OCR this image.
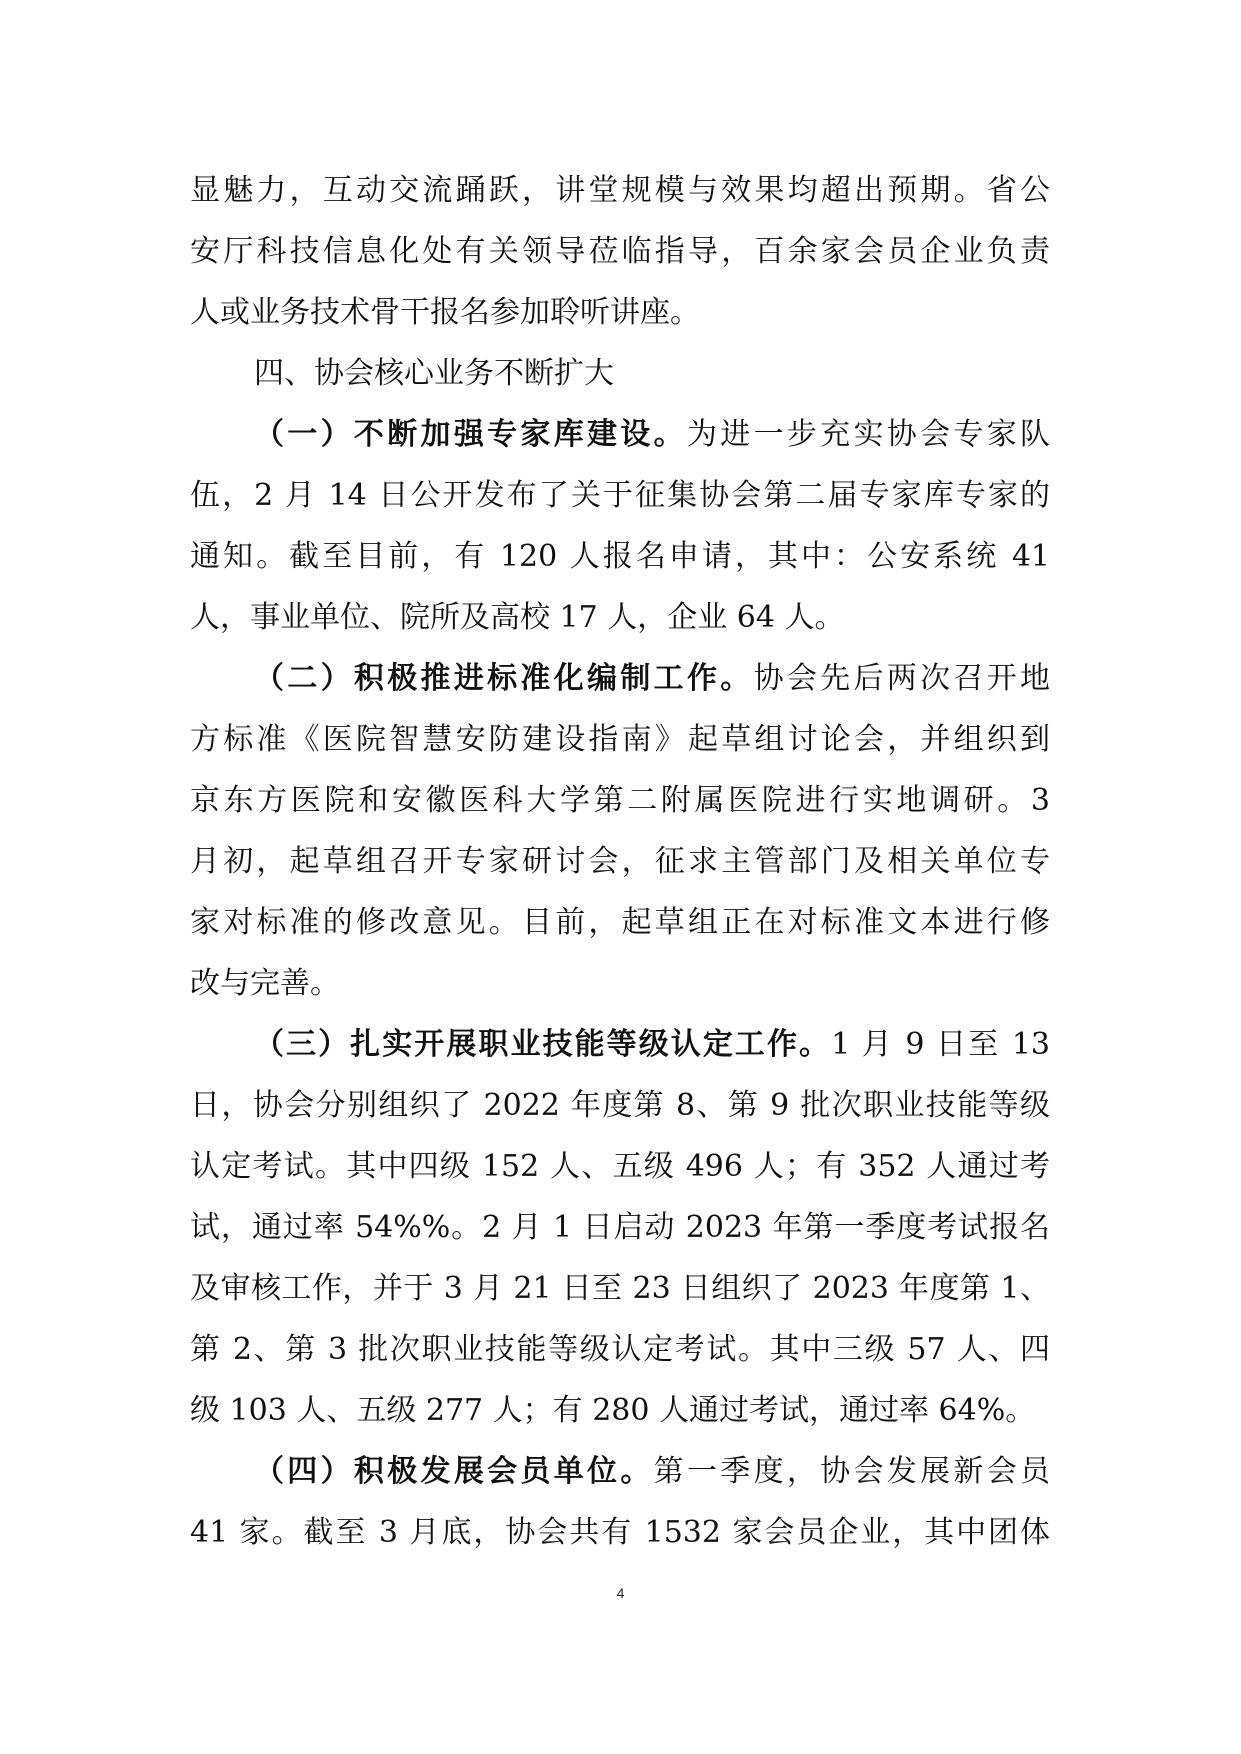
显魅力，互动交流踊跃，讲堂规模与效果均超出预期。省公
安厅科技信息化处有关领导莅临指导，百余家会员企业负责
人或业务技术骨干报名参加聆听讲座。
四、协会核心业务不断扩大
（一）不断加强专家库建设。为进一步充实协会专家队
伍，2 月 14 日公开发布了关于征集协会第二届专家库专家的
通知。截至目前，有 120 人报名申请，其中：公安系统 41
人，事业单位、院所及高校 17 人，企业 64 人。
（二）积极推进标准化编制工作。协会先后两次召开地
方标准《医院智慧安防建设指南》起草组讨论会，并组织到
京东方医院和安徽医科大学第二附属医院进行实地调研。3
月初，起草组召开专家研讨会，征求主管部门及相关单位专
家对标准的修改意见。目前，起草组正在对标准文本进行修
改与完善。
（三）扎实开展职业技能等级认定工作。1 月 9 日至 13
日，协会分别组织了 2022 年度第 8、第 9 批次职业技能等级
认定考试。其中四级 152 人、五级 496 人；有 352 人通过考
试，通过率 54%%。2 月 1 日启动 2023 年第一季度考试报名
及审核工作，并于 3 月 21 日至 23 日组织了 2023 年度第 1、
第 2、第 3 批次职业技能等级认定考试。其中三级 57 人、四
级 103 人、五级 277 人；有 280 人通过考试，通过率 64%。
（四）积极发展会员单位。第一季度，协会发展新会员
41 家。截至 3 月底，协会共有 1532 家会员企业，其中团体
4
